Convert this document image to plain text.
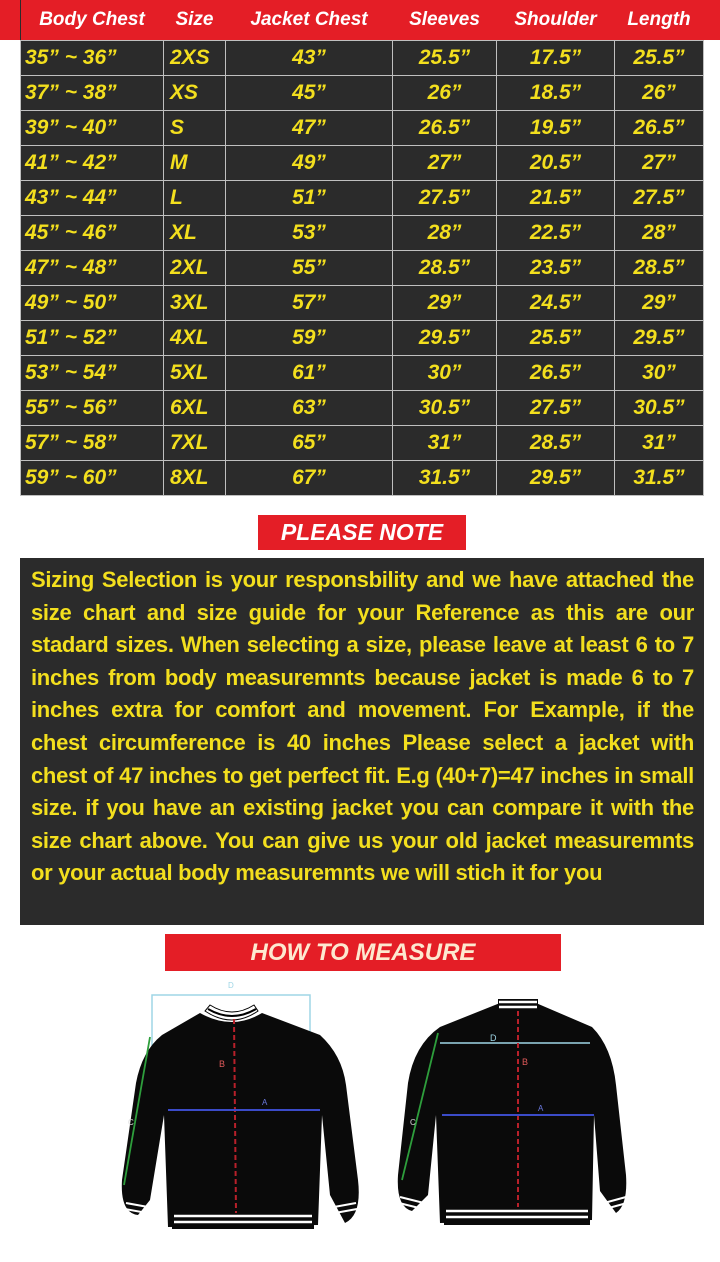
Body Chest	Size	Jacket Chest	Sleeves	Shoulder	Length
35” ~ 36”	2XS	43”	25.5”	17.5”	25.5”
37” ~ 38”	XS	45”	26”	18.5”	26”
39” ~ 40”	S	47”	26.5”	19.5”	26.5”
41” ~ 42”	M	49”	27”	20.5”	27”
43” ~ 44”	L	51”	27.5”	21.5”	27.5”
45” ~ 46”	XL	53”	28”	22.5”	28”
47” ~ 48”	2XL	55”	28.5”	23.5”	28.5”
49” ~ 50”	3XL	57”	29”	24.5”	29”
51” ~ 52”	4XL	59”	29.5”	25.5”	29.5”
53” ~ 54”	5XL	61”	30”	26.5”	30”
55” ~ 56”	6XL	63”	30.5”	27.5”	30.5”
57” ~ 58”	7XL	65”	31”	28.5”	31”
59” ~ 60”	8XL	67”	31.5”	29.5”	31.5”
PLEASE NOTE
Sizing Selection is your responsbility and we have attached the size chart and size guide for your Reference as this are our stadard sizes. When selecting a size, please leave at least 6 to 7 inches from body measuremnts because jacket is made 6 to 7 inches extra for comfort and movement. For Example, if the chest circumference is 40 inches Please select a jacket with chest of 47 inches to get perfect fit. E.g (40+7)=47 inches in small size. if you have an existing jacket you can compare it with the size chart above. You can give us your old jacket measuremnts or your actual body measuremnts we will stich it for you
HOW TO MEASURE
D
B
A
C
D
B
A
C
